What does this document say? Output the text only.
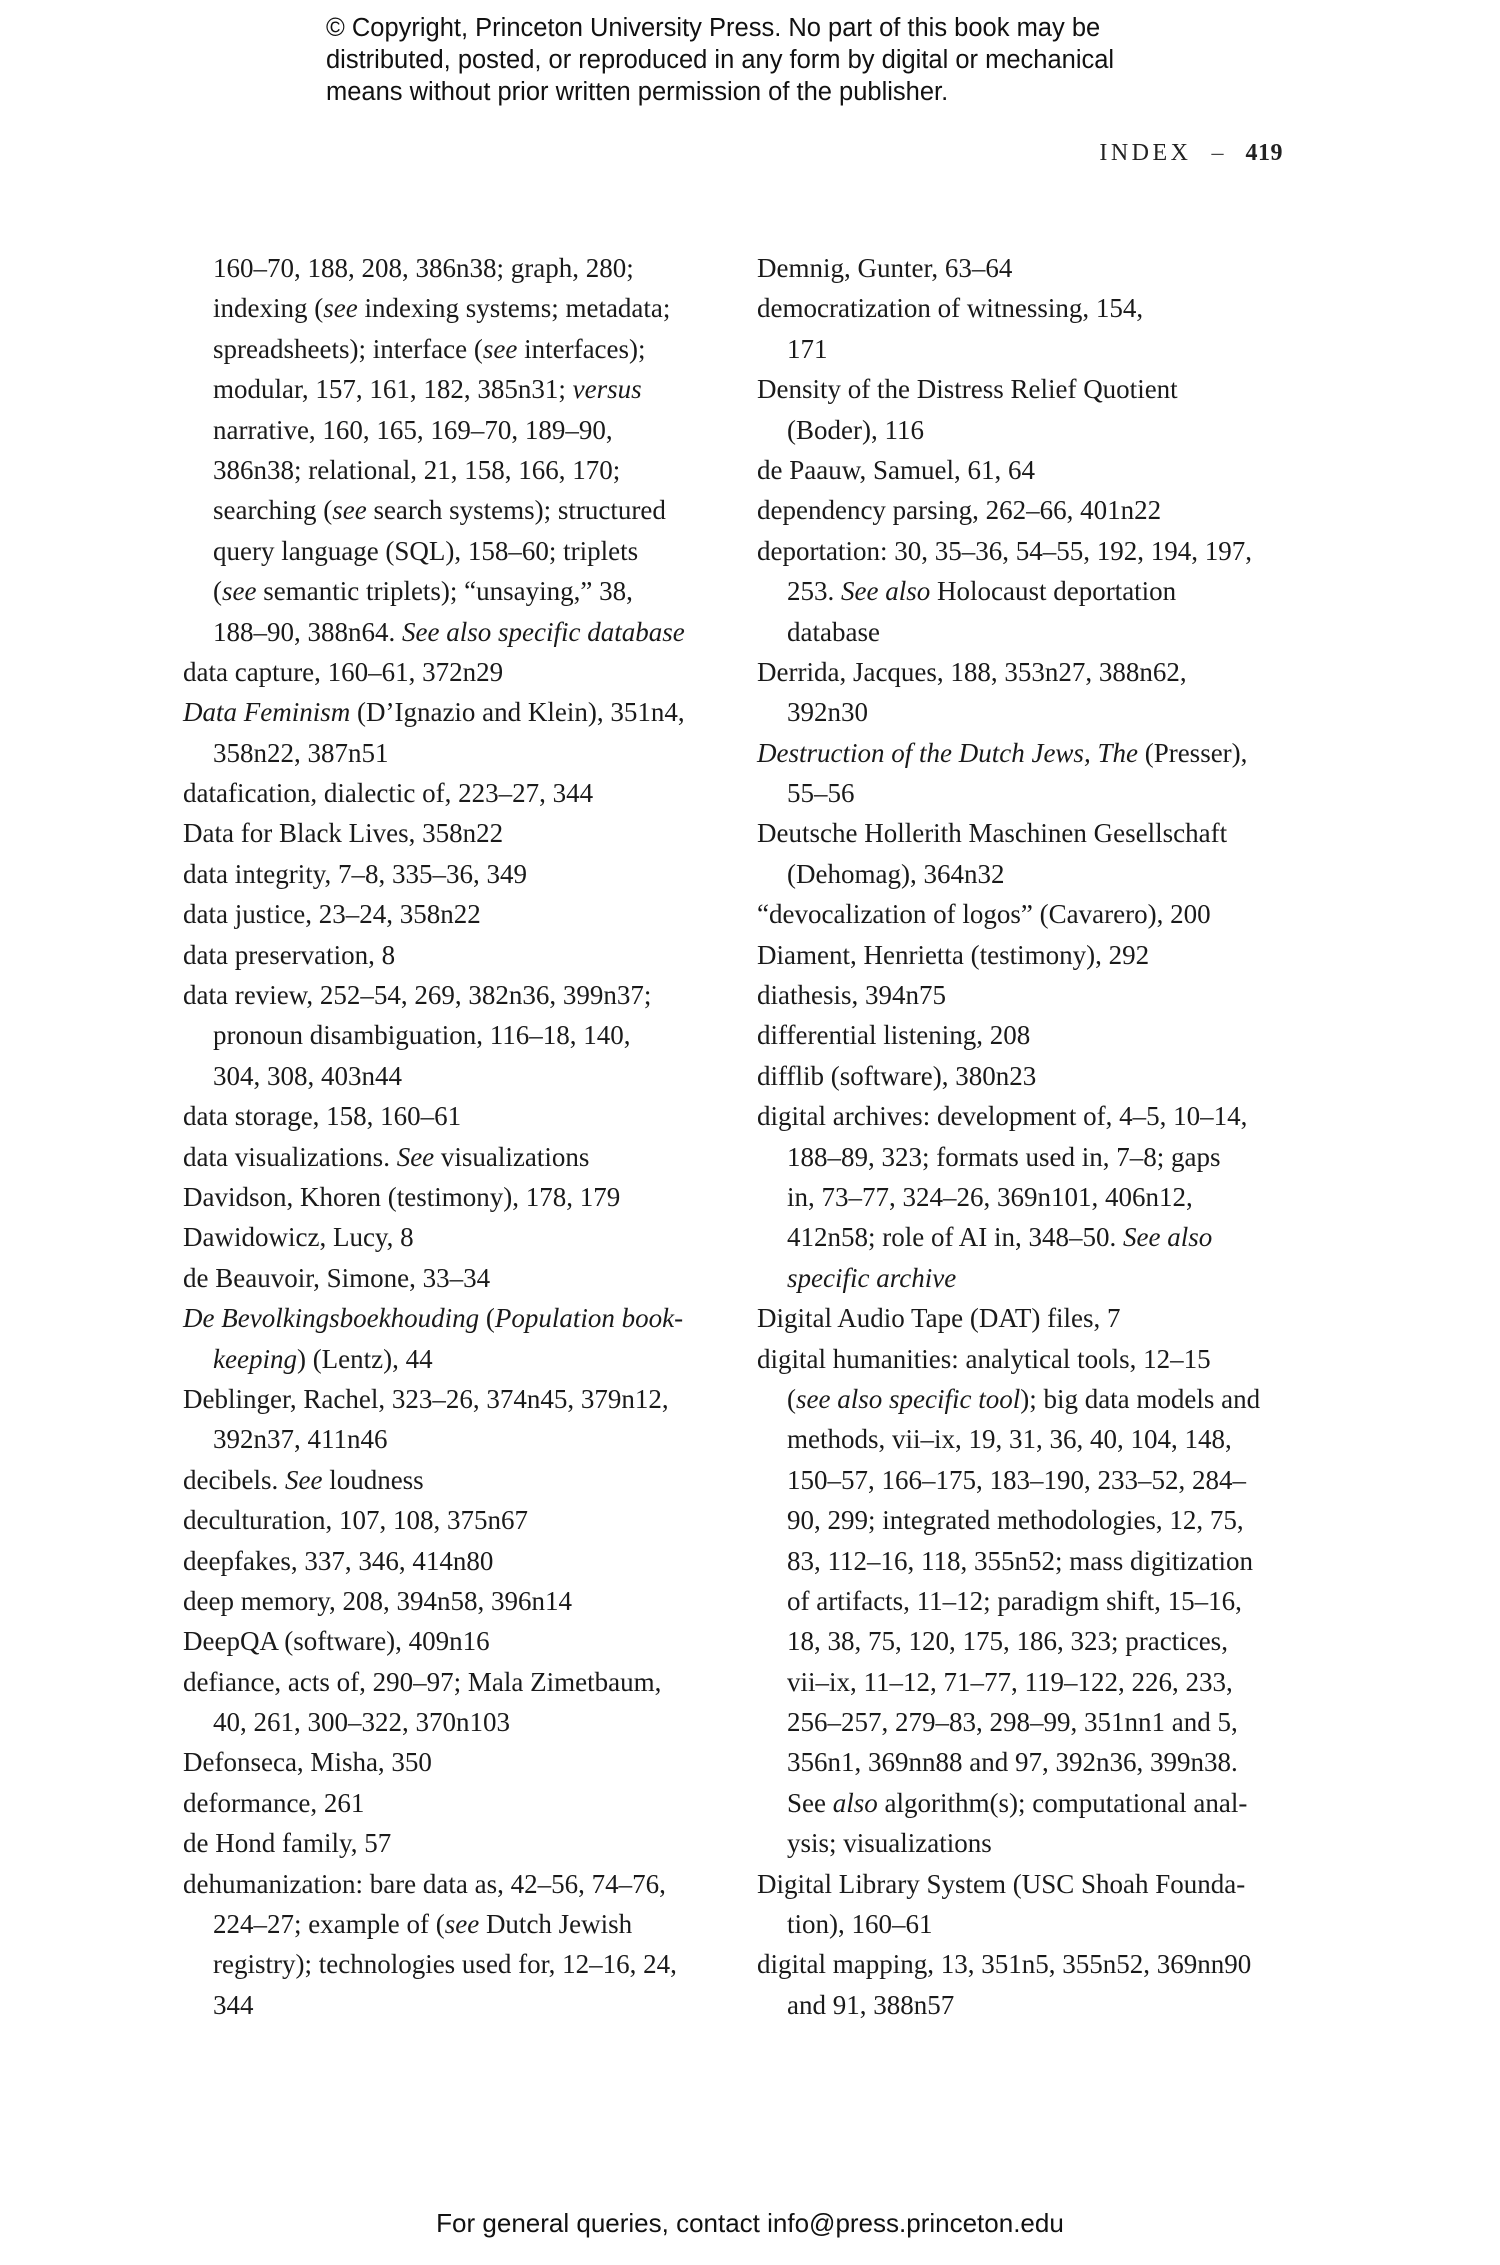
© Copyright, Princeton University Press. No part of this book may be
distributed, posted, or reproduced in any form by digital or mechanical
means without prior written permission of the publisher.
INDEX – 419
160–70, 188, 208, 386n38; graph, 280;
indexing (see indexing systems; metadata;
spreadsheets); interface (see interfaces);
modular, 157, 161, 182, 385n31; versus
narrative, 160, 165, 169–70, 189–90,
386n38; relational, 21, 158, 166, 170;
searching (see search systems); structured
query language (SQL), 158–60; triplets
(see semantic triplets); “unsaying,” 38,
188–90, 388n64. See also specific database
data capture, 160–61, 372n29
Data Feminism (D’Ignazio and Klein), 351n4,
358n22, 387n51
datafication, dialectic of, 223–27, 344
Data for Black Lives, 358n22
data integrity, 7–8, 335–36, 349
data justice, 23–24, 358n22
data preservation, 8
data review, 252–54, 269, 382n36, 399n37;
pronoun disambiguation, 116–18, 140,
304, 308, 403n44
data storage, 158, 160–61
data visualizations. See visualizations
Davidson, Khoren (testimony), 178, 179
Dawidowicz, Lucy, 8
de Beauvoir, Simone, 33–34
De Bevolkingsboekhouding (Population book-
keeping) (Lentz), 44
Deblinger, Rachel, 323–26, 374n45, 379n12,
392n37, 411n46
decibels. See loudness
deculturation, 107, 108, 375n67
deepfakes, 337, 346, 414n80
deep memory, 208, 394n58, 396n14
DeepQA (software), 409n16
defiance, acts of, 290–97; Mala Zimetbaum,
40, 261, 300–322, 370n103
Defonseca, Misha, 350
deformance, 261
de Hond family, 57
dehumanization: bare data as, 42–56, 74–76,
224–27; example of (see Dutch Jewish
registry); technologies used for, 12–16, 24,
344
Demnig, Gunter, 63–64
democratization of witnessing, 154,
171
Density of the Distress Relief Quotient
(Boder), 116
de Paauw, Samuel, 61, 64
dependency parsing, 262–66, 401n22
deportation: 30, 35–36, 54–55, 192, 194, 197,
253. See also Holocaust deportation
database
Derrida, Jacques, 188, 353n27, 388n62,
392n30
Destruction of the Dutch Jews, The (Presser),
55–56
Deutsche Hollerith Maschinen Gesellschaft
(Dehomag), 364n32
“devocalization of logos” (Cavarero), 200
Diament, Henrietta (testimony), 292
diathesis, 394n75
differential listening, 208
difflib (software), 380n23
digital archives: development of, 4–5, 10–14,
188–89, 323; formats used in, 7–8; gaps
in, 73–77, 324–26, 369n101, 406n12,
412n58; role of AI in, 348–50. See also
specific archive
Digital Audio Tape (DAT) files, 7
digital humanities: analytical tools, 12–15
(see also specific tool); big data models and
methods, vii–ix, 19, 31, 36, 40, 104, 148,
150–57, 166–175, 183–190, 233–52, 284–
90, 299; integrated methodologies, 12, 75,
83, 112–16, 118, 355n52; mass digitization
of artifacts, 11–12; paradigm shift, 15–16,
18, 38, 75, 120, 175, 186, 323; practices,
vii–ix, 11–12, 71–77, 119–122, 226, 233,
256–257, 279–83, 298–99, 351nn1 and 5,
356n1, 369nn88 and 97, 392n36, 399n38.
See also algorithm(s); computational anal-
ysis; visualizations
Digital Library System (USC Shoah Founda-
tion), 160–61
digital mapping, 13, 351n5, 355n52, 369nn90
and 91, 388n57
For general queries, contact info@press.princeton.edu
